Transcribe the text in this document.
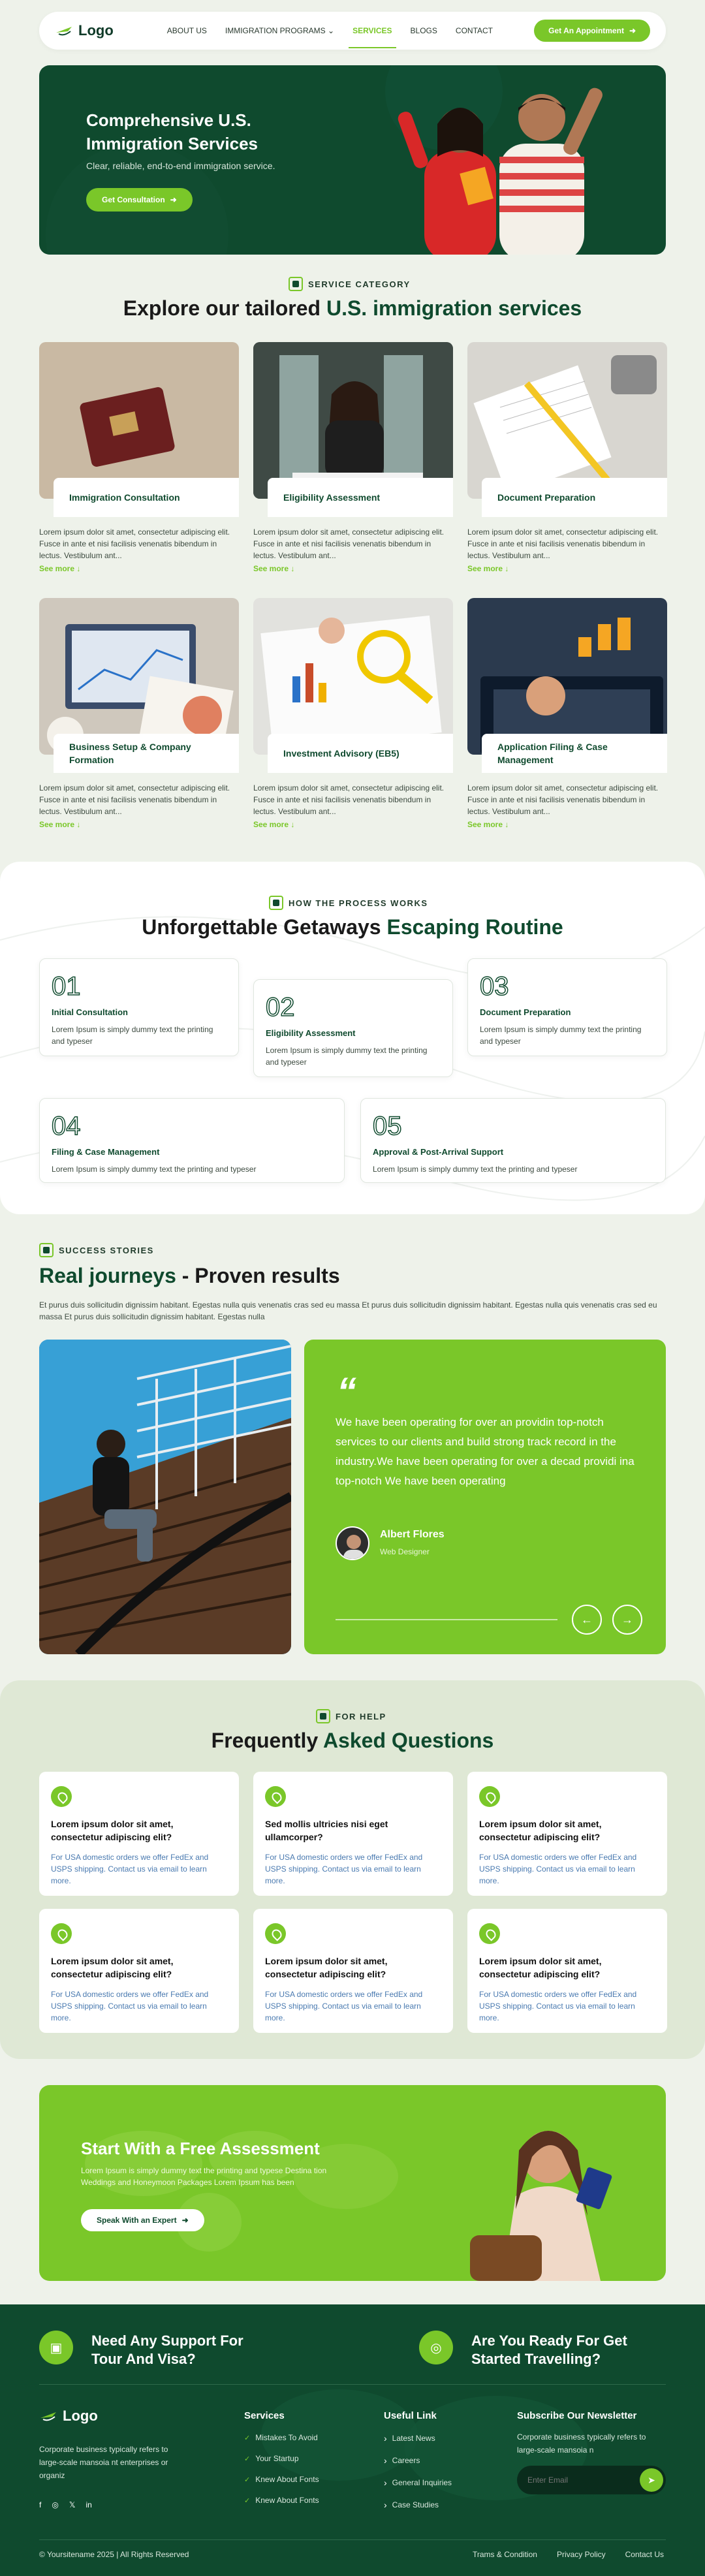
Logo	ABOUT US IMMIGRATION PROGRAMS ⌄ SERVICES BLOGS CONTACT	Get An Appointment ➜
Comprehensive U.S. Immigration Services

Clear, reliable, end-to-end immigration service.

Get Consultation ➜
SERVICE CATEGORY
Explore our tailored U.S. immigration services
Immigration Consultation
Lorem ipsum dolor sit amet, consectetur adipiscing elit. Fusce in ante et nisi facilisis venenatis bibendum in lectus. Vestibulum ant...
See more ↓
Eligibility Assessment
Lorem ipsum dolor sit amet, consectetur adipiscing elit. Fusce in ante et nisi facilisis venenatis bibendum in lectus. Vestibulum ant...
See more ↓
Document Preparation
Lorem ipsum dolor sit amet, consectetur adipiscing elit. Fusce in ante et nisi facilisis venenatis bibendum in lectus. Vestibulum ant...
See more ↓
Business Setup & Company Formation
Lorem ipsum dolor sit amet, consectetur adipiscing elit. Fusce in ante et nisi facilisis venenatis bibendum in lectus. Vestibulum ant...
See more ↓
Investment Advisory (EB5)
Lorem ipsum dolor sit amet, consectetur adipiscing elit. Fusce in ante et nisi facilisis venenatis bibendum in lectus. Vestibulum ant...
See more ↓
Application Filing & Case Management
Lorem ipsum dolor sit amet, consectetur adipiscing elit. Fusce in ante et nisi facilisis venenatis bibendum in lectus. Vestibulum ant...
See more ↓
HOW THE PROCESS WORKS
Unforgettable Getaways Escaping Routine
01
Initial Consultation
Lorem Ipsum is simply dummy text the printing and typeser
02
Eligibility Assessment
Lorem Ipsum is simply dummy text the printing and typeser
03
Document Preparation
Lorem Ipsum is simply dummy text the printing and typeser
04
Filing & Case Management
Lorem Ipsum is simply dummy text the printing and typeser
05
Approval & Post-Arrival Support
Lorem Ipsum is simply dummy text the printing and typeser
SUCCESS STORIES
Real journeys - Proven results
Et purus duis sollicitudin dignissim habitant. Egestas nulla quis venenatis cras sed eu massa Et purus duis sollicitudin dignissim habitant. Egestas nulla quis venenatis cras sed eu massa Et purus duis sollicitudin dignissim habitant. Egestas nulla
“
We have been operating for over an providin top-notch services to our clients and build strong track record in the industry.We have been operating for over a decad providi ina top-notch We have been operating
Albert Flores
Web Designer
← →
FOR HELP
Frequently Asked Questions
Lorem ipsum dolor sit amet, consectetur adipiscing elit?
For USA domestic orders we offer FedEx and USPS shipping. Contact us via email to learn more.
Sed mollis ultricies nisi eget ullamcorper?
For USA domestic orders we offer FedEx and USPS shipping. Contact us via email to learn more.
Lorem ipsum dolor sit amet, consectetur adipiscing elit?
For USA domestic orders we offer FedEx and USPS shipping. Contact us via email to learn more.
Lorem ipsum dolor sit amet, consectetur adipiscing elit?
For USA domestic orders we offer FedEx and USPS shipping. Contact us via email to learn more.
Lorem ipsum dolor sit amet, consectetur adipiscing elit?
For USA domestic orders we offer FedEx and USPS shipping. Contact us via email to learn more.
Lorem ipsum dolor sit amet, consectetur adipiscing elit?
For USA domestic orders we offer FedEx and USPS shipping. Contact us via email to learn more.
Start With a Free Assessment
Lorem Ipsum is simply dummy text the printing and typese Destina tion Weddings and Honeymoon Packages Lorem Ipsum has been
Speak With an Expert ➜
▣	Need Any Support For Tour And Visa?
◎	Are You Ready For Get Started Travelling?
Logo
Corporate business typically refers to large-scale mansoia nt enterprises or organiz
f ◎ 𝕏 in
Services
✓ Mistakes To Avoid
✓ Your Startup
✓ Knew About Fonts
✓ Knew About Fonts
Useful Link
› Latest News
› Careers
› General Inquiries
› Case Studies
Subscribe Our Newsletter
Corporate business typically refers to large-scale mansoia n
Enter Email
➤
© Yoursitename 2025 | All Rights Reserved	Trams & Condition	Privacy Policy	Contact Us
